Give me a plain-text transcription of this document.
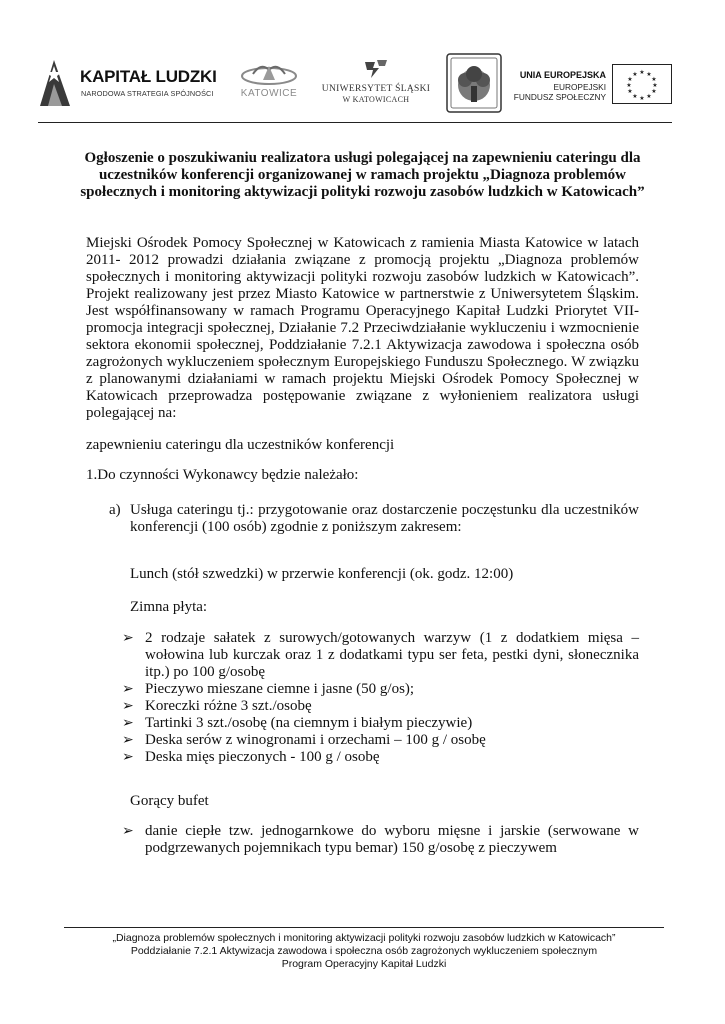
KAPITAŁ LUDZKI
NARODOWA STRATEGIA SPÓJNOŚCI	KATOWICE	UNIWERSYTET ŚLĄSKI
W KATOWICACH
UNIA EUROPEJSKA
EUROPEJSKI
FUNDUSZ SPOŁECZNY
★ ★
★
★
★
★
★
★
★
★
★
★
Ogłoszenie o poszukiwaniu realizatora usługi polegającej na zapewnieniu cateringu dla uczestników konferencji organizowanej w ramach projektu „Diagnoza problemów społecznych i monitoring aktywizacji polityki rozwoju zasobów ludzkich w Katowicach”
Miejski Ośrodek Pomocy Społecznej w Katowicach z ramienia Miasta Katowice w latach 2011- 2012 prowadzi działania związane z promocją projektu „Diagnoza problemów społecznych i monitoring aktywizacji polityki rozwoju zasobów ludzkich w Katowicach”. Projekt realizowany jest przez Miasto Katowice w partnerstwie z Uniwersytetem Śląskim. Jest współfinansowany w ramach Programu Operacyjnego Kapitał Ludzki Priorytet VII-promocja integracji społecznej, Działanie 7.2 Przeciwdziałanie wykluczeniu i wzmocnienie sektora ekonomii społecznej, Poddziałanie 7.2.1 Aktywizacja zawodowa i społeczna osób zagrożonych wykluczeniem społecznym Europejskiego Funduszu Społecznego. W związku z planowanymi działaniami w ramach projektu Miejski Ośrodek Pomocy Społecznej w Katowicach przeprowadza postępowanie związane z wyłonieniem realizatora usługi polegającej na:
zapewnieniu cateringu dla uczestników konferencji
1.Do czynności Wykonawcy będzie należało:
a) Usługa cateringu tj.: przygotowanie oraz dostarczenie poczęstunku dla uczestników konferencji (100 osób) zgodnie z poniższym zakresem:
Lunch (stół szwedzki) w przerwie konferencji (ok. godz. 12:00)
Zimna płyta:
➢ 2 rodzaje sałatek z surowych/gotowanych warzyw (1 z dodatkiem mięsa – wołowina lub kurczak oraz 1 z dodatkami typu ser feta, pestki dyni, słonecznika itp.) po 100 g/osobę
➢ Pieczywo mieszane ciemne i jasne (50 g/os);
➢ Koreczki różne 3 szt./osobę
➢ Tartinki 3 szt./osobę (na ciemnym i białym pieczywie)
➢ Deska serów z winogronami i orzechami – 100 g / osobę
➢ Deska mięs pieczonych - 100 g / osobę
Gorący bufet
➢ danie ciepłe tzw. jednogarnkowe do wyboru mięsne i jarskie (serwowane w podgrzewanych pojemnikach typu bemar) 150 g/osobę z pieczywem
„Diagnoza problemów społecznych i monitoring aktywizacji polityki rozwoju zasobów ludzkich w Katowicach”
Poddziałanie 7.2.1 Aktywizacja zawodowa i społeczna osób zagrożonych wykluczeniem społecznym
Program Operacyjny Kapitał Ludzki
